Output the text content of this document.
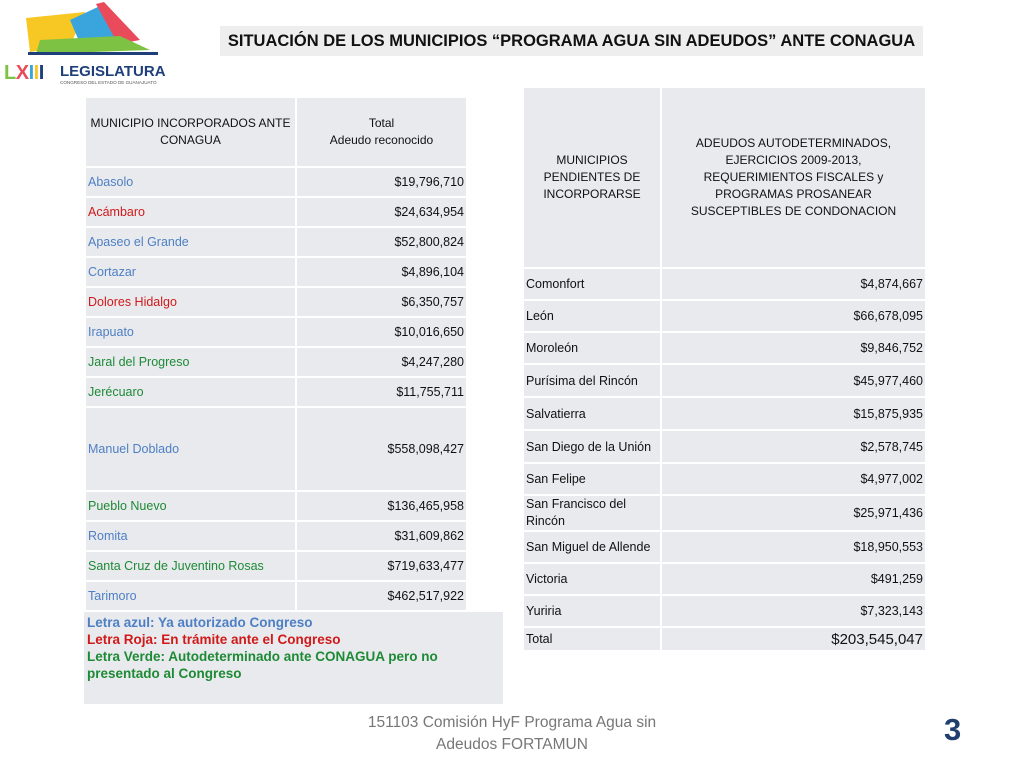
LXIII LEGISLATURA
CONGRESO DEL ESTADO DE GUANAJUATO
SITUACIÓN DE LOS MUNICIPIOS “PROGRAMA AGUA SIN ADEUDOS” ANTE CONAGUA
MUNICIPIO INCORPORADOS ANTE CONAGUA	Total
Adeudo reconocido
Abasolo	$19,796,710
Acámbaro	$24,634,954
Apaseo el Grande	$52,800,824
Cortazar	$4,896,104
Dolores Hidalgo	$6,350,757
Irapuato	$10,016,650
Jaral del Progreso	$4,247,280
Jerécuaro	$11,755,711
Manuel Doblado	$558,098,427
Pueblo Nuevo	$136,465,958
Romita	$31,609,862
Santa Cruz de Juventino Rosas	$719,633,477
Tarimoro	$462,517,922
Letra azul: Ya autorizado Congreso
Letra Roja: En trámite ante el Congreso
Letra Verde: Autodeterminado ante CONAGUA pero no presentado al Congreso
MUNICIPIOS PENDIENTES DE INCORPORARSE	ADEUDOS AUTODETERMINADOS,
EJERCICIOS 2009-2013,
REQUERIMIENTOS FISCALES y PROGRAMAS PROSANEAR
SUSCEPTIBLES DE CONDONACION
Comonfort	$4,874,667
León	$66,678,095
Moroleón	$9,846,752
Purísima del Rincón	$45,977,460
Salvatierra	$15,875,935
San Diego de la Unión	$2,578,745
San Felipe	$4,977,002
San Francisco del Rincón	$25,971,436
San Miguel de Allende	$18,950,553
Victoria	$491,259
Yuriria	$7,323,143
Total	$203,545,047
151103 Comisión HyF Programa Agua sin
Adeudos FORTAMUN	3
